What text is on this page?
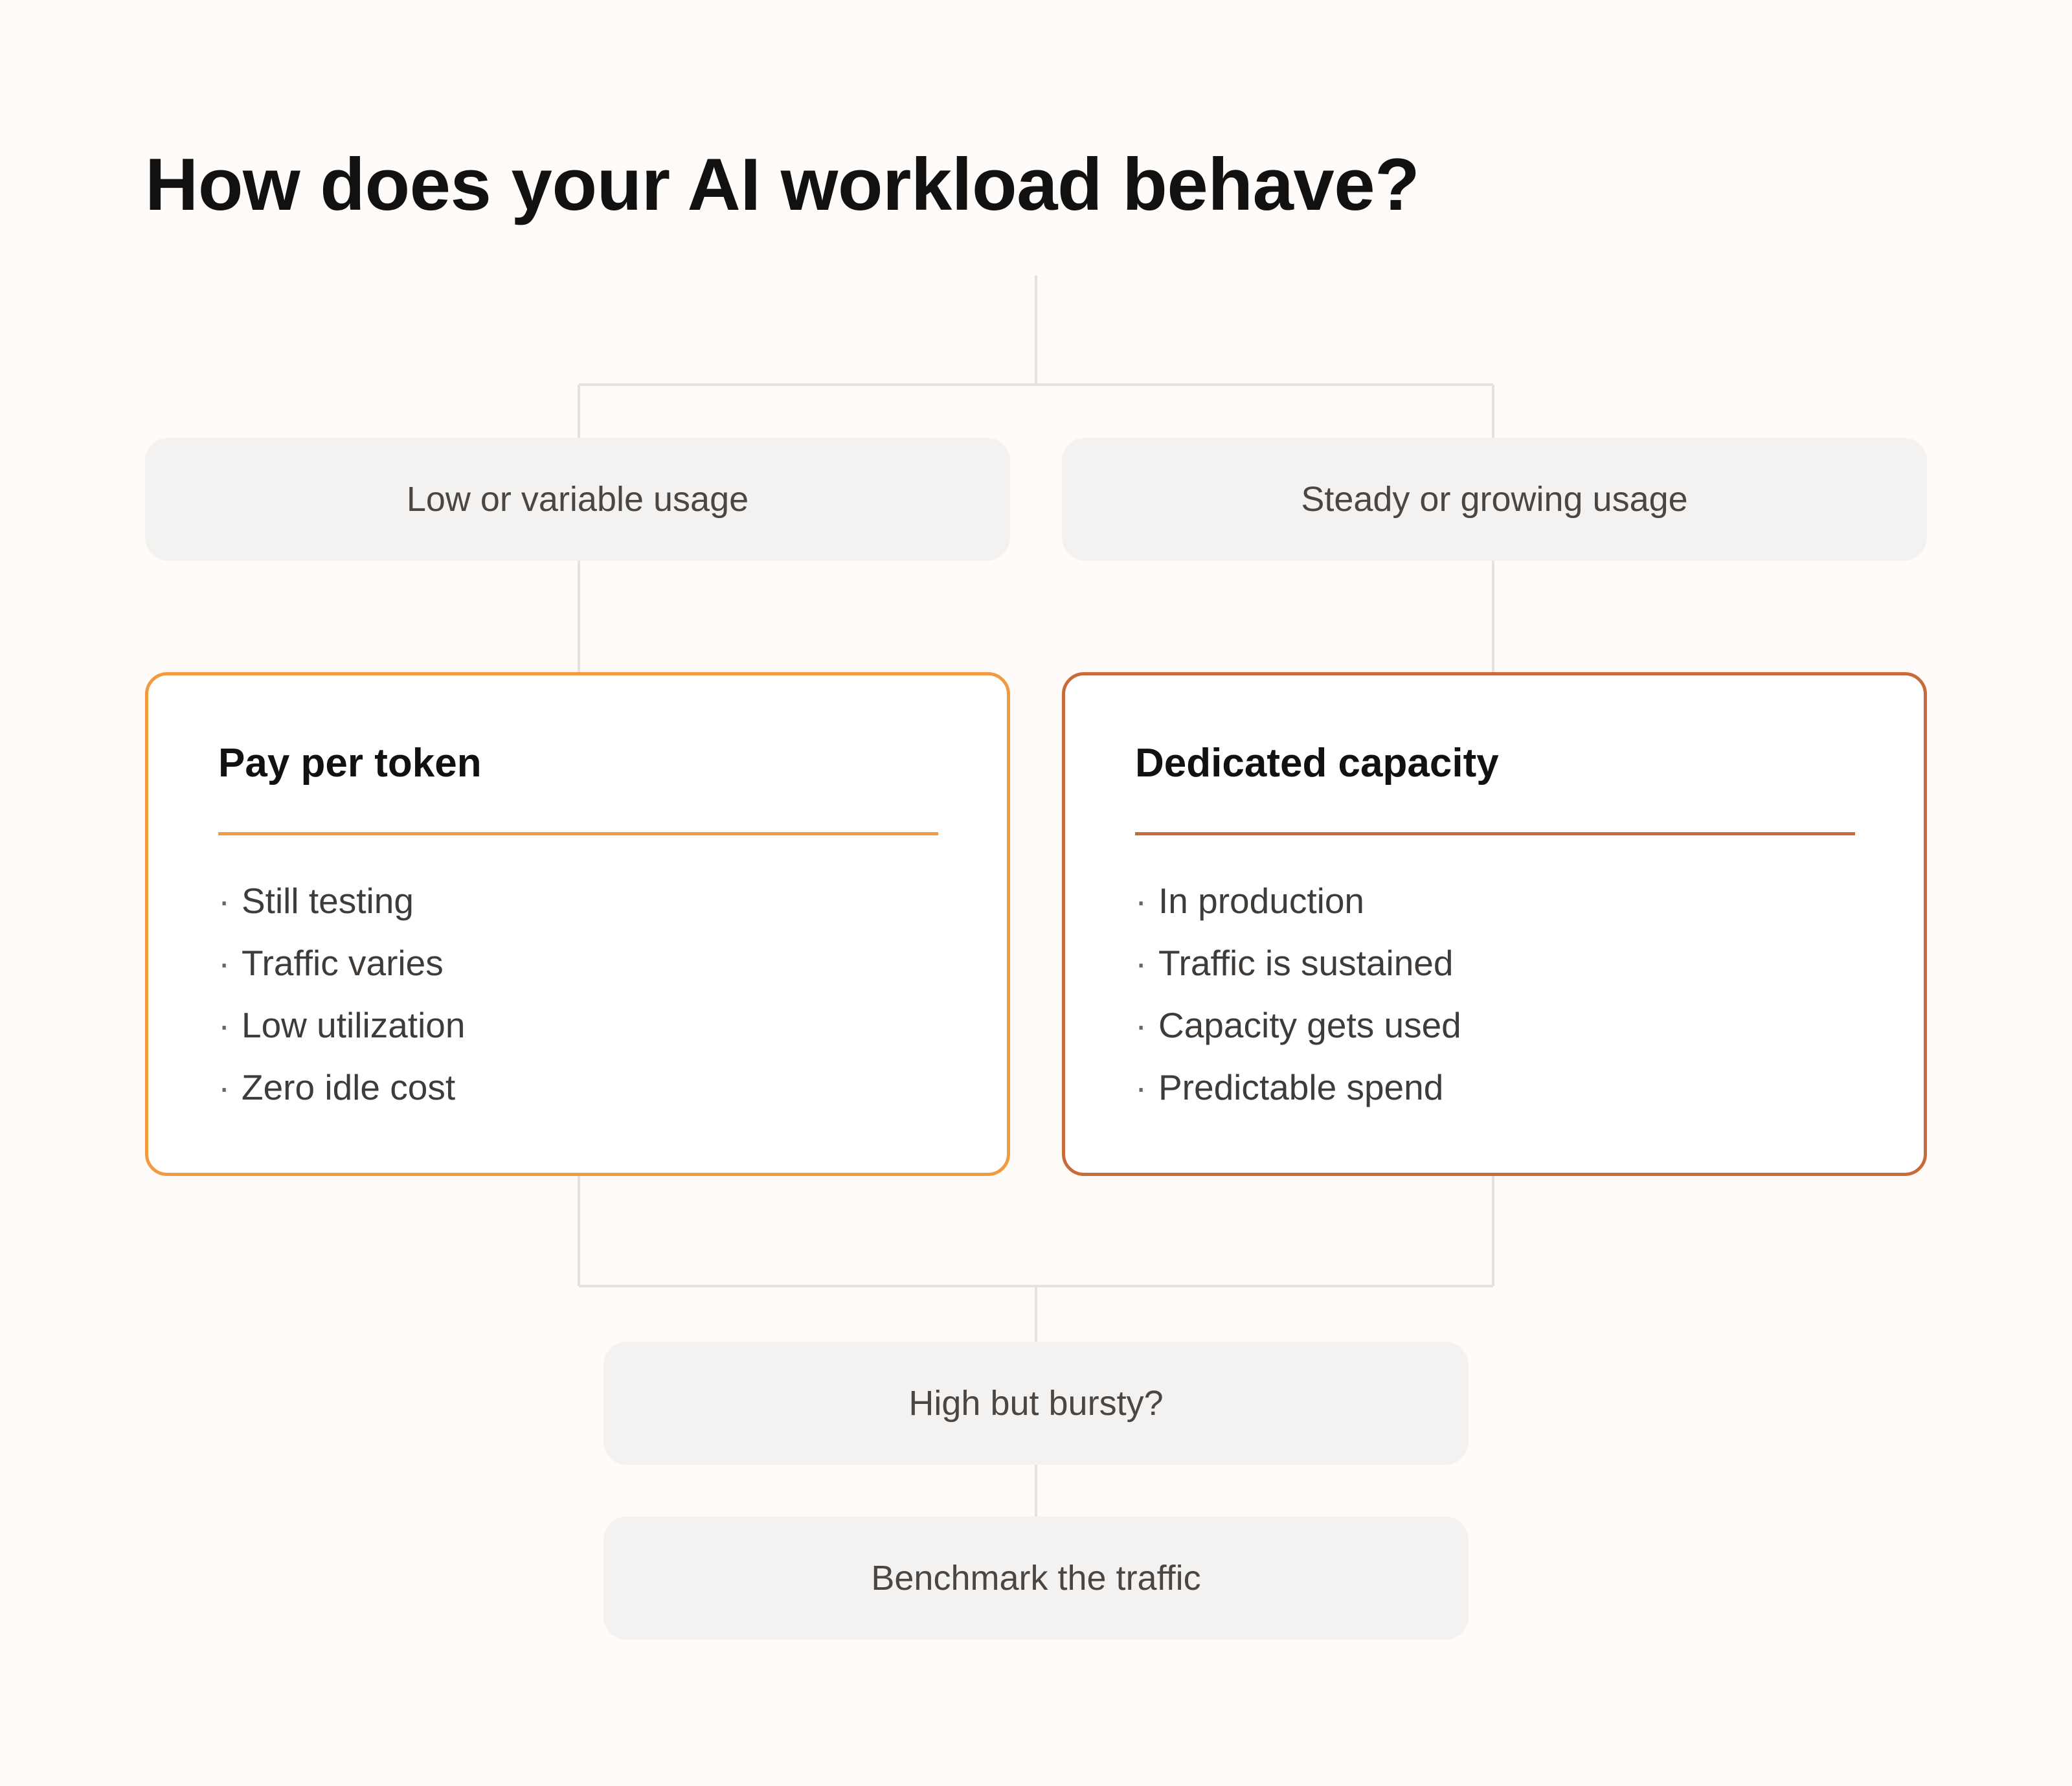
How does your AI workload behave?
Low or variable usage	Steady or growing usage
Pay per token
· Still testing
· Traffic varies
· Low utilization
· Zero idle cost
Dedicated capacity
· In production
· Traffic is sustained
· Capacity gets used
· Predictable spend
High but bursty?
Benchmark the traffic
